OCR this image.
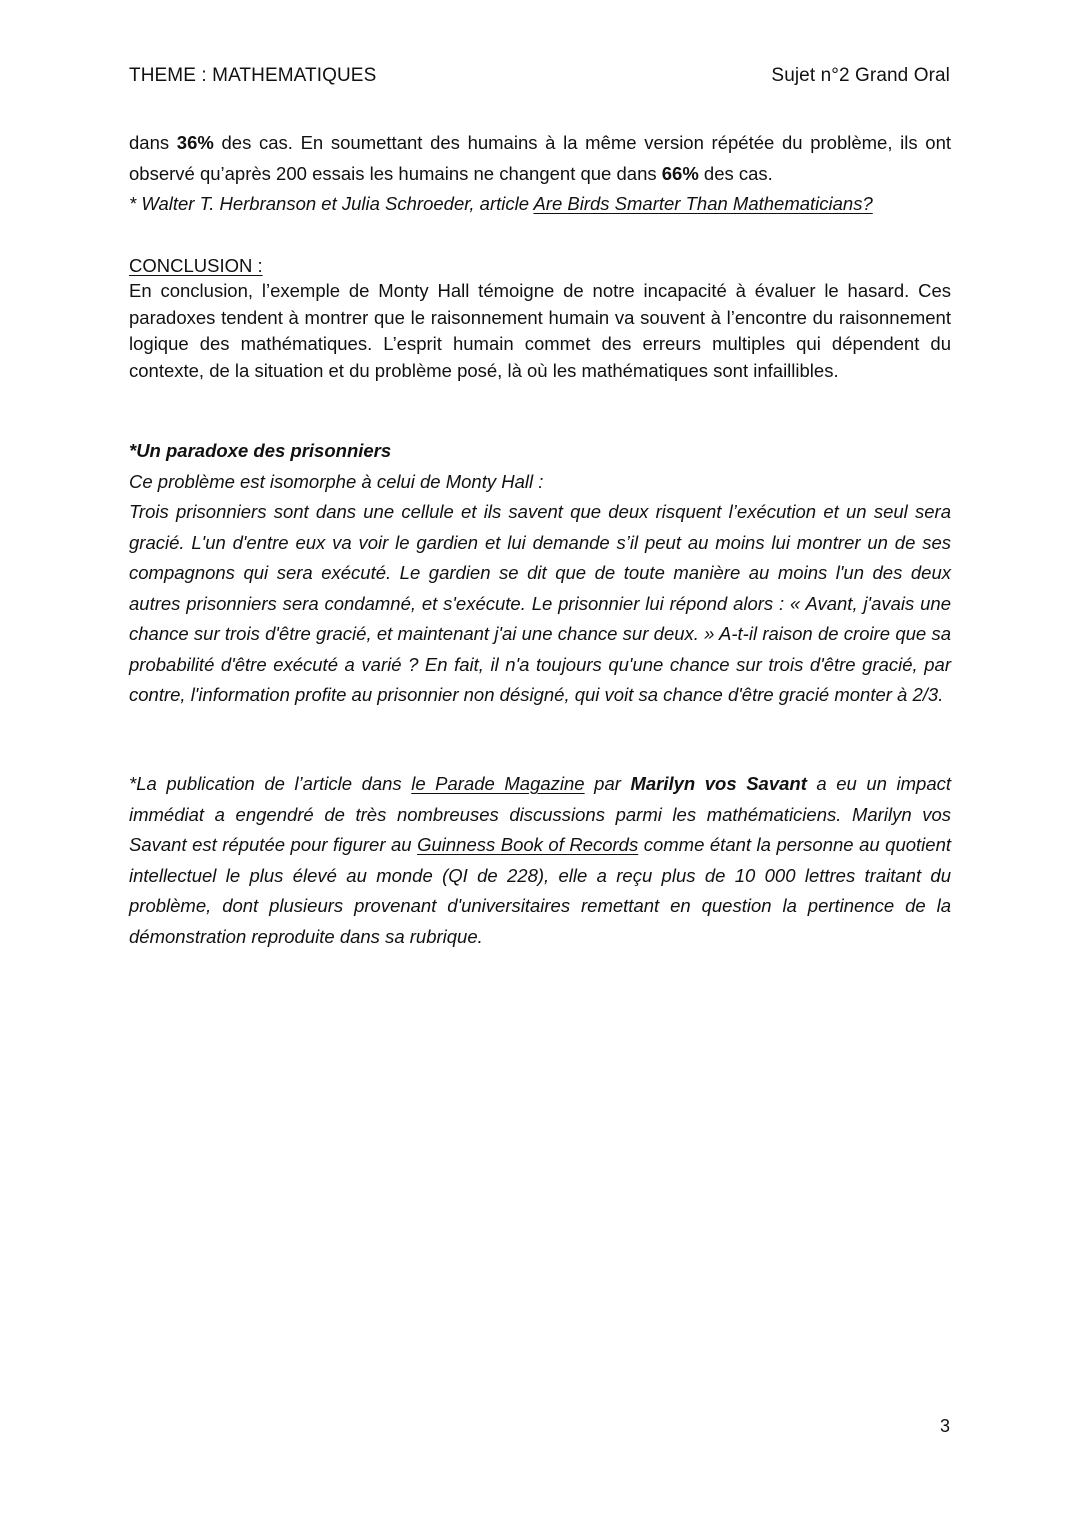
THEME : MATHEMATIQUES	Sujet n°2 Grand Oral
dans 36% des cas. En soumettant des humains à la même version répétée du problème, ils ont observé qu’après 200 essais les humains ne changent que dans 66% des cas.
* Walter T. Herbranson et Julia Schroeder, article Are Birds Smarter Than Mathematicians?
CONCLUSION :
En conclusion, l’exemple de Monty Hall témoigne de notre incapacité à évaluer le hasard. Ces paradoxes tendent à montrer que le raisonnement humain va souvent à l’encontre du raisonnement logique des mathématiques. L’esprit humain commet des erreurs multiples qui dépendent du contexte, de la situation et du problème posé, là où les mathématiques sont infaillibles.
*Un paradoxe des prisonniers
Ce problème est isomorphe à celui de Monty Hall :
Trois prisonniers sont dans une cellule et ils savent que deux risquent l’exécution et un seul sera gracié. L'un d'entre eux va voir le gardien et lui demande s’il peut au moins lui montrer un de ses compagnons qui sera exécuté. Le gardien se dit que de toute manière au moins l'un des deux autres prisonniers sera condamné, et s'exécute. Le prisonnier lui répond alors : « Avant, j'avais une chance sur trois d'être gracié, et maintenant j'ai une chance sur deux. » A-t-il raison de croire que sa probabilité d'être exécuté a varié ? En fait, il n'a toujours qu'une chance sur trois d'être gracié, par contre, l'information profite au prisonnier non désigné, qui voit sa chance d'être gracié monter à 2/3.
*La publication de l’article dans le Parade Magazine par Marilyn vos Savant a eu un impact immédiat a engendré de très nombreuses discussions parmi les mathématiciens. Marilyn vos Savant est réputée pour figurer au Guinness Book of Records comme étant la personne au quotient intellectuel le plus élevé au monde (QI de 228), elle a reçu plus de 10 000 lettres traitant du problème, dont plusieurs provenant d'universitaires remettant en question la pertinence de la démonstration reproduite dans sa rubrique.
3
